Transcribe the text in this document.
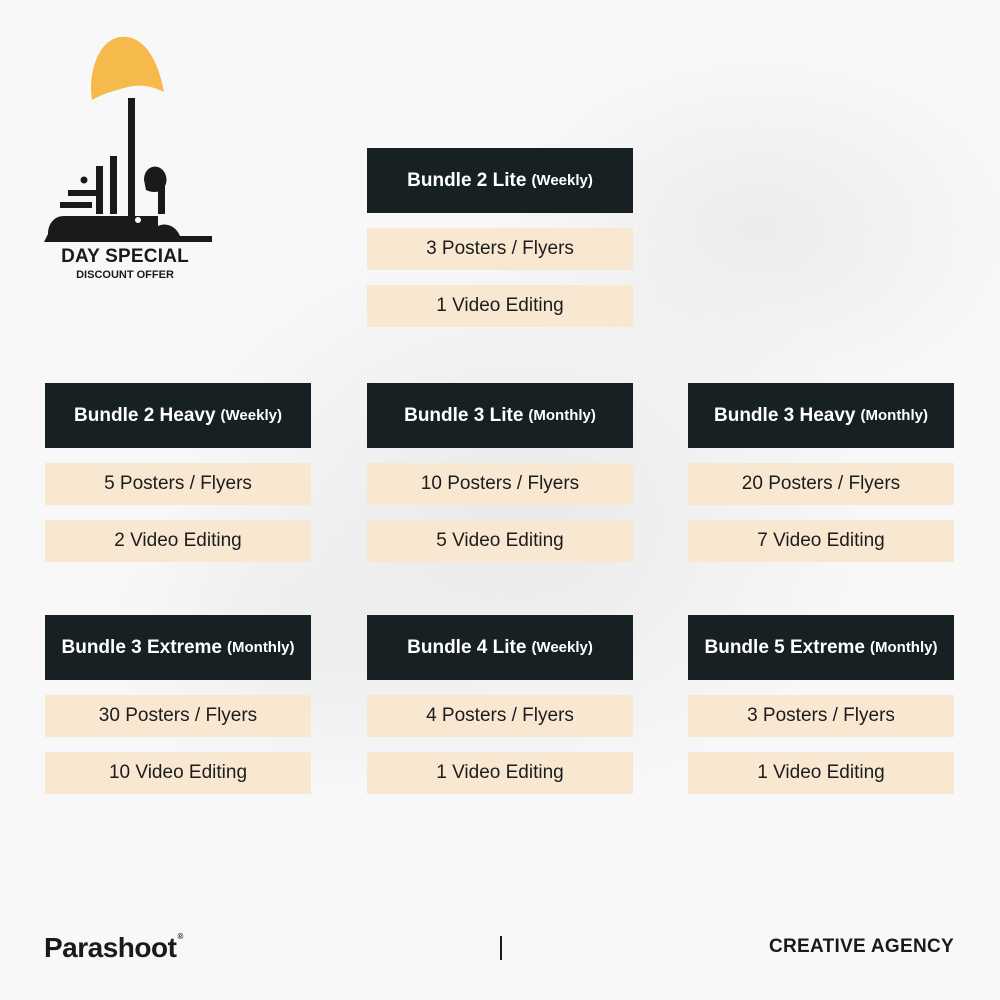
DAY SPECIAL
DISCOUNT OFFER
Bundle 2 Lite (Weekly)
3 Posters / Flyers
1 Video Editing
Bundle 2 Heavy (Weekly)
5 Posters / Flyers
2 Video Editing
Bundle 3 Lite (Monthly)
10 Posters / Flyers
5 Video Editing
Bundle 3 Heavy (Monthly)
20 Posters / Flyers
7 Video Editing
Bundle 3 Extreme (Monthly)
30 Posters / Flyers
10 Video Editing
Bundle 4 Lite (Weekly)
4 Posters / Flyers
1 Video Editing
Bundle 5 Extreme (Monthly)
3 Posters / Flyers
1 Video Editing
Parashoot®	CREATIVE AGENCY
